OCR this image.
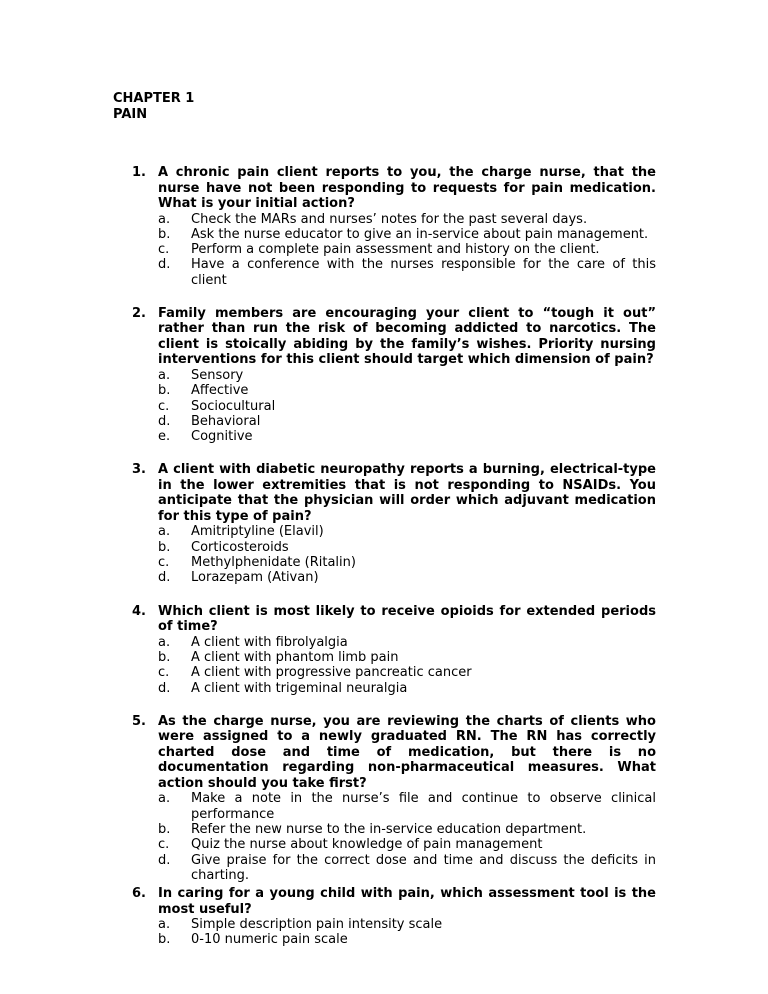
CHAPTER 1
PAIN
1. A chronic pain client reports to you, the charge nurse, that the nurse have not been responding to requests for pain medication. What is your initial action?
a. Check the MARs and nurses’ notes for the past several days.
b. Ask the nurse educator to give an in-service about pain management.
c. Perform a complete pain assessment and history on the client.
d. Have a conference with the nurses responsible for the care of this client
2. Family members are encouraging your client to “tough it out” rather than run the risk of becoming addicted to narcotics. The client is stoically abiding by the family’s wishes. Priority nursing interventions for this client should target which dimension of pain?
a. Sensory
b. Affective
c. Sociocultural
d. Behavioral
e. Cognitive
3. A client with diabetic neuropathy reports a burning, electrical-type in the lower extremities that is not responding to NSAIDs. You anticipate that the physician will order which adjuvant medication for this type of pain?
a. Amitriptyline (Elavil)
b. Corticosteroids
c. Methylphenidate (Ritalin)
d. Lorazepam (Ativan)
4. Which client is most likely to receive opioids for extended periods of time?
a. A client with fibrolyalgia
b. A client with phantom limb pain
c. A client with progressive pancreatic cancer
d. A client with trigeminal neuralgia
5. As the charge nurse, you are reviewing the charts of clients who were assigned to a newly graduated RN. The RN has correctly charted dose and time of medication, but there is no documentation regarding non-pharmaceutical measures. What action should you take first?
a. Make a note in the nurse’s file and continue to observe clinical performance
b. Refer the new nurse to the in-service education department.
c. Quiz the nurse about knowledge of pain management
d. Give praise for the correct dose and time and discuss the deficits in charting.
6. In caring for a young child with pain, which assessment tool is the most useful?
a. Simple description pain intensity scale
b. 0-10 numeric pain scale
